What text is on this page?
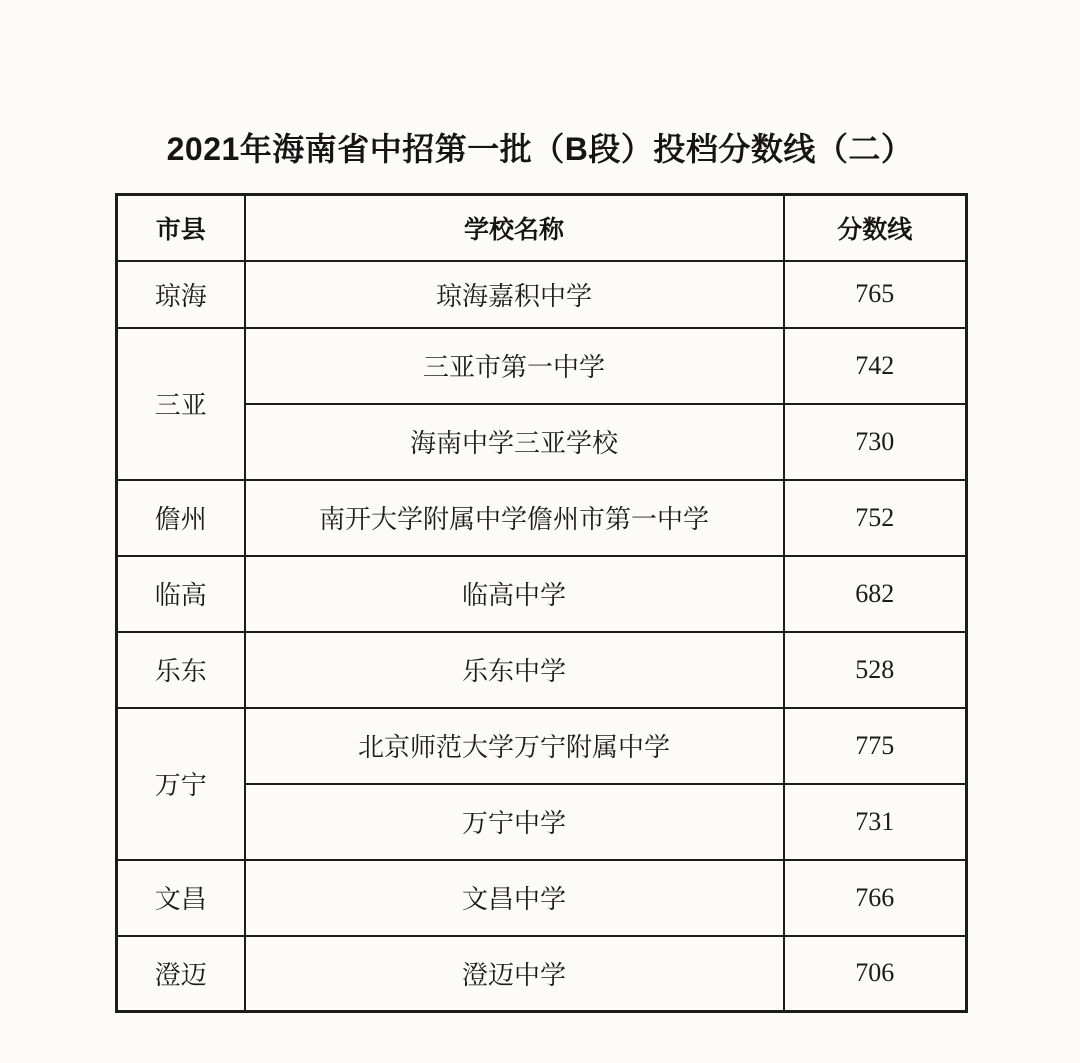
2021年海南省中招第一批（B段）投档分数线（二）
市县	学校名称	分数线
琼海	琼海嘉积中学	765
三亚	三亚市第一中学	742
	海南中学三亚学校	730
儋州	南开大学附属中学儋州市第一中学	752
临高	临高中学	682
乐东	乐东中学	528
万宁	北京师范大学万宁附属中学	775
	万宁中学	731
文昌	文昌中学	766
澄迈	澄迈中学	706
